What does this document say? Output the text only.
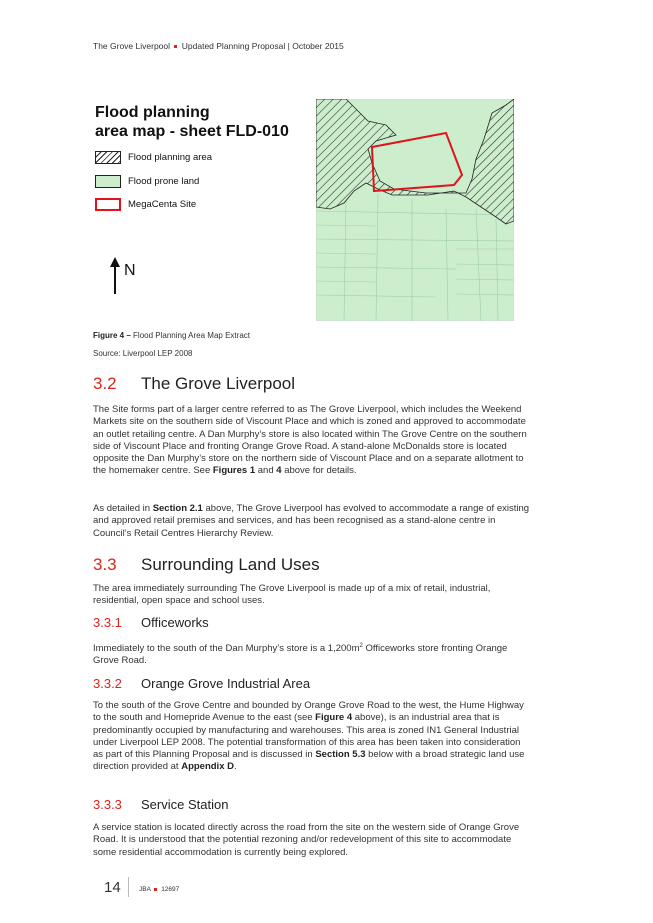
The Grove Liverpool Updated Planning Proposal | October 2015
Flood planning
area map - sheet FLD-010
Flood planning area
Flood prone land
MegaCenta Site
N
Figure 4 – Flood Planning Area Map Extract
Source: Liverpool LEP 2008
3.2 The Grove Liverpool

The Site forms part of a larger centre referred to as The Grove Liverpool, which includes the Weekend Markets site on the southern side of Viscount Place and which is zoned and approved to accommodate an outlet retailing centre. A Dan Murphy’s store is also located within The Grove Centre on the southern side of Viscount Place and fronting Orange Grove Road. A stand-alone McDonalds store is located opposite the Dan Murphy’s store on the northern side of Viscount Place and on a separate allotment to the homemaker centre. See Figures 1 and 4 above for details.

As detailed in Section 2.1 above, The Grove Liverpool has evolved to accommodate a range of existing and approved retail premises and services, and has been recognised as a stand-alone centre in Council’s Retail Centres Hierarchy Review.

3.3 Surrounding Land Uses

The area immediately surrounding The Grove Liverpool is made up of a mix of retail, industrial, residential, open space and school uses.

3.3.1 Officeworks

Immediately to the south of the Dan Murphy’s store is a $1,200m^2$ Officeworks store fronting Orange Grove Road.

3.3.2 Orange Grove Industrial Area

To the south of the Grove Centre and bounded by Orange Grove Road to the west, the Hume Highway to the south and Homepride Avenue to the east (see Figure 4 above), is an industrial area that is predominantly occupied by manufacturing and warehouses. This area is zoned IN1 General Industrial under Liverpool LEP 2008. The potential transformation of this area has been taken into consideration as part of this Planning Proposal and is discussed in Section 5.3 below with a broad strategic land use direction provided at Appendix D.

3.3.3 Service Station

A service station is located directly across the road from the site on the western side of Orange Grove Road. It is understood that the potential rezoning and/or redevelopment of this site to accommodate some residential accommodation is currently being explored.

14	JBA 12697
